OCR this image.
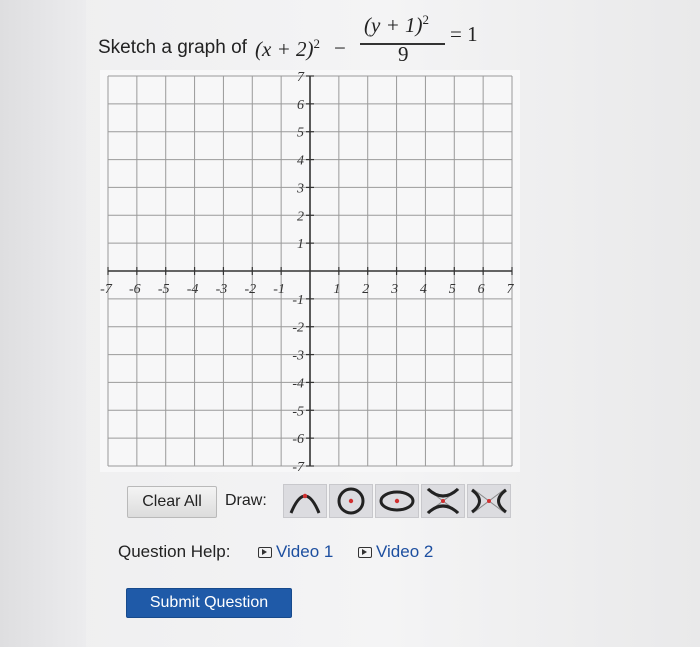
Sketch a graph of $(x + 2)^2$ −
$(y + 1)^2$
9
= 1
-7 -6 -5 -4 -3 -2 -1	1 2 3 4 5 6 7
7
6
5
4
3
2
1
-1
-2
-3
-4
-5
-6
-7
Clear All	Draw:
Question Help:	Video 1	Video 2
Submit Question
